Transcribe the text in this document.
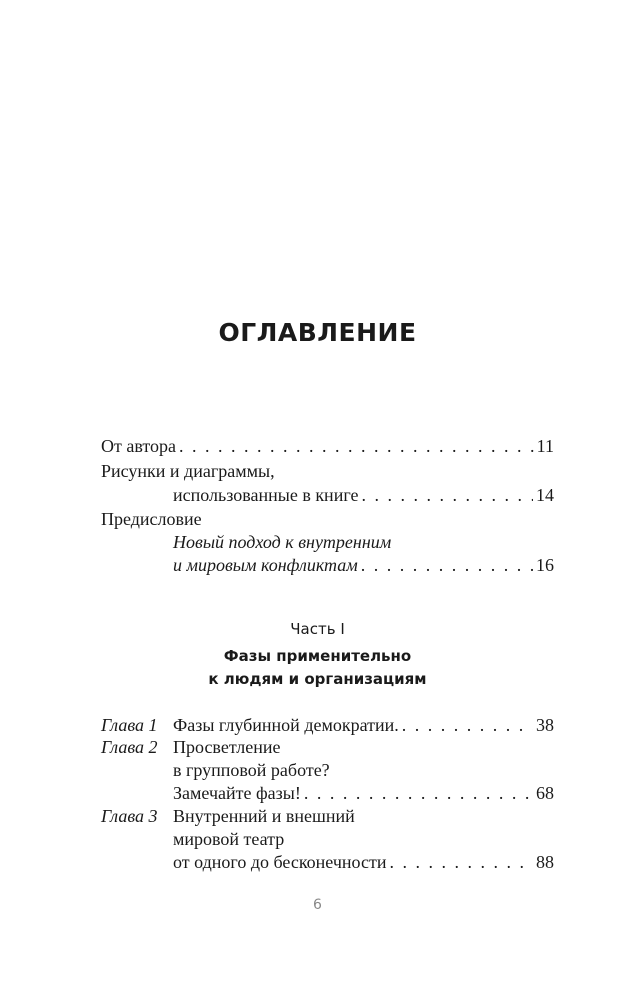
ОГЛАВЛЕНИЕ
От автора . . .	11
Рисунки и диаграммы,
использованные в книге . . .	14
Предисловие
Новый подход к внутренним
и мировым конфликтам . . .	16
Часть I
Фазы применительно
к людям и организациям
Глава 1 Фазы глубинной демократии. . . .	38
Глава 2 Просветление
в групповой работе?
Замечайте фазы! . . .	68
Глава 3 Внутренний и внешний
мировой театр
от одного до бесконечности . . .	88
6
